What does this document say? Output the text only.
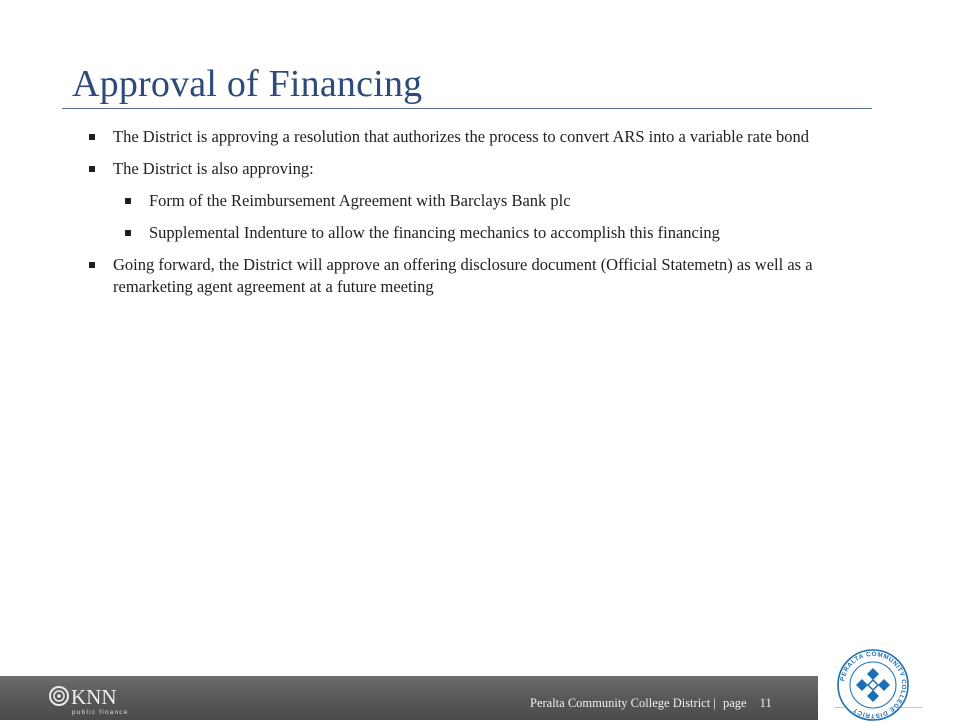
Approval of Financing
The District is approving a resolution that authorizes the process to convert ARS into a variable rate bond
The District is also approving:
Form of the Reimbursement Agreement with Barclays Bank plc
Supplemental Indenture to allow the financing mechanics to accomplish this financing
Going forward, the District will approve an offering disclosure document (Official Statemetn) as well as a remarketing agent agreement at a future meeting
KNN
public finance
Peralta Community College District | page 11
PERALTA COMMUNITY COLLEGE DISTRICT
